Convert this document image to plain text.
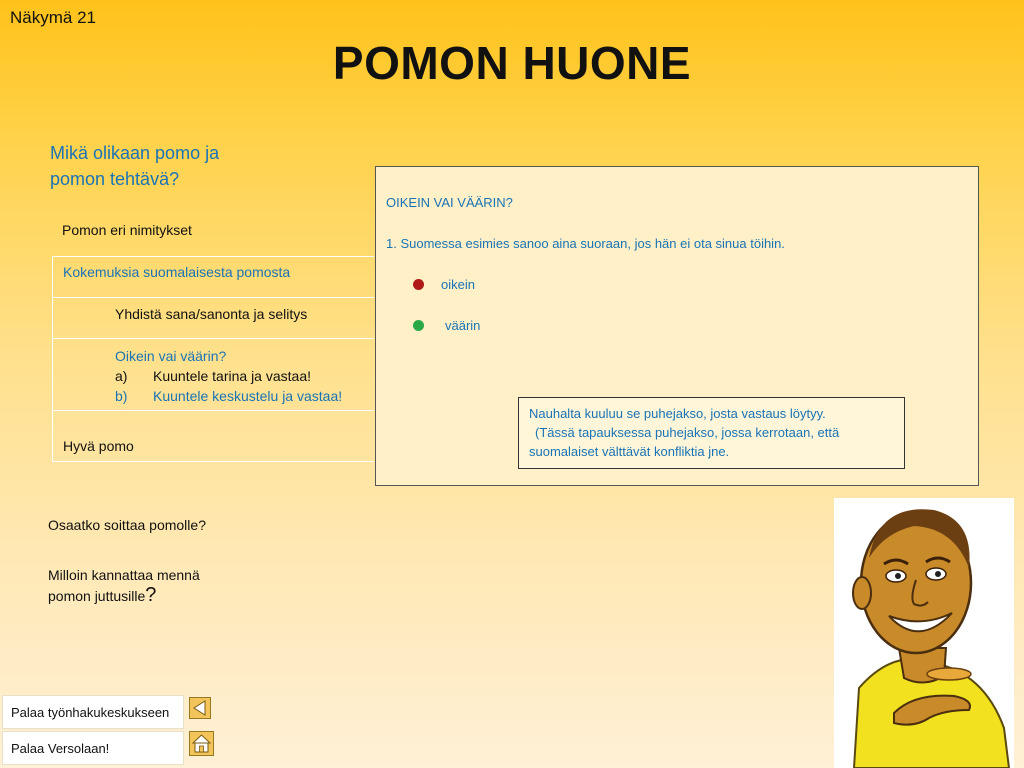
Näkymä 21
POMON HUONE
Mikä olikaan pomo ja
pomon tehtävä?
Pomon eri nimitykset
Kokemuksia suomalaisesta pomosta
Yhdistä sana/sanonta ja selitys
Oikein vai väärin?
a) Kuuntele tarina ja vastaa!
b) Kuuntele keskustelu ja vastaa!
Hyvä pomo
Osaatko soittaa pomolle?
Milloin kannattaa mennä
pomon juttusille?
OIKEIN VAI VÄÄRIN?
1. Suomessa esimies sanoo aina suoraan, jos hän ei ota sinua töihin.
oikein
väärin
Nauhalta kuuluu se puhejakso, josta vastaus löytyy.
(Tässä tapauksessa puhejakso, jossa kerrotaan, että
suomalaiset välttävät konfliktia jne.
Palaa työnhakukeskukseen
Palaa Versolaan!
